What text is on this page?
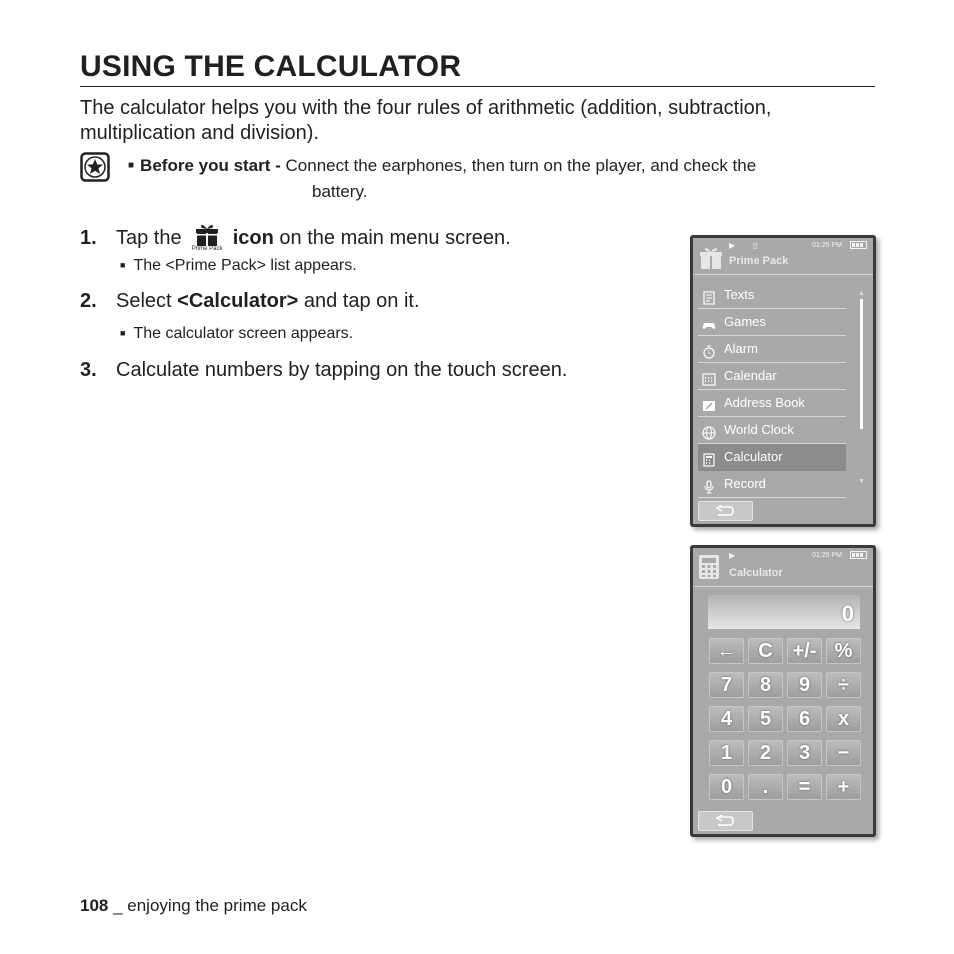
USING THE CALCULATOR
The calculator helps you with the four rules of arithmetic (addition, subtraction, multiplication and division).
■ Before you start - Connect the earphones, then turn on the player, and check the
battery.
1. Tap the	Prime Pack icon on the main menu screen.
■ The <Prime Pack> list appears.
2. Select <Calculator> and tap on it.
■ The calculator screen appears.
3. Calculate numbers by tapping on the touch screen.
▶ ▯	01:25 PM
Prime Pack
Texts
Games
Alarm
Calendar
Address Book
World Clock
Calculator
Record
▲
▼
▶	01:25 PM
Calculator
0
←	C +/- %
7	8	9	÷
4	5	6	x
1	2	3	−
0	.	=	+
108 _ enjoying the prime pack
